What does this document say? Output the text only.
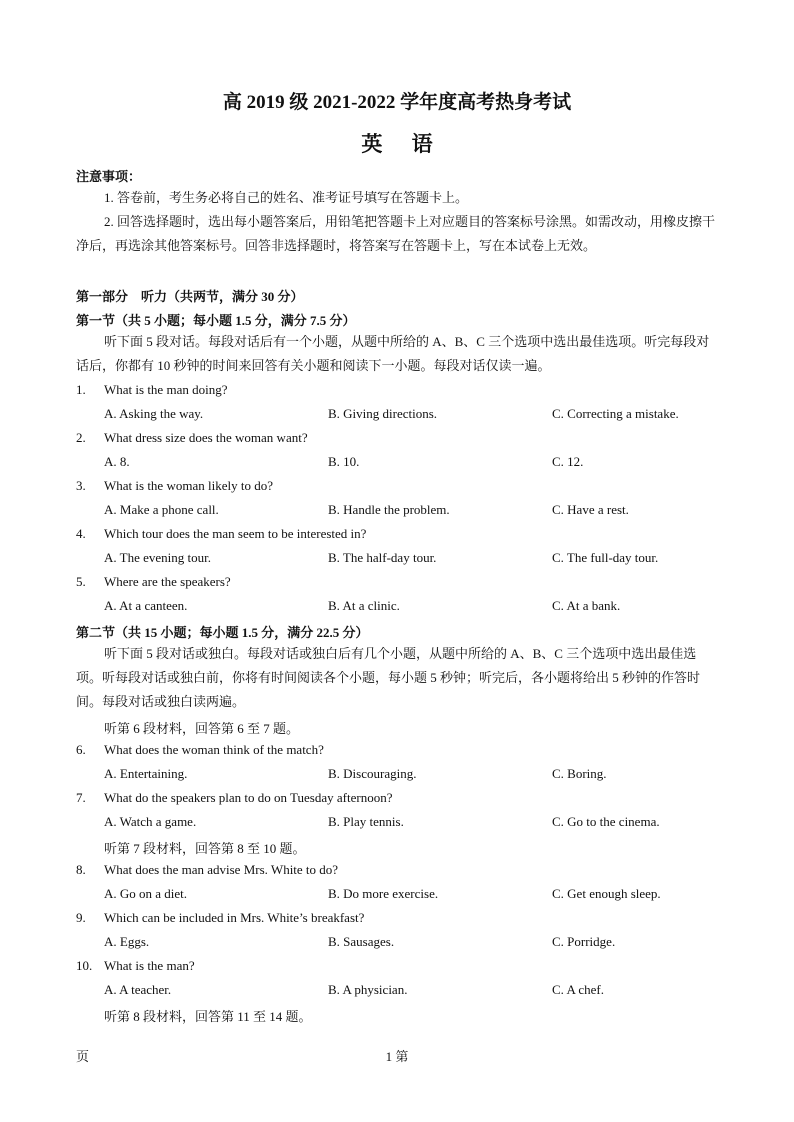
高 2019 级 2021-2022 学年度高考热身考试
英 语
注意事项：
1. 答卷前，考生务必将自己的姓名、准考证号填写在答题卡上。
2. 回答选择题时，选出每小题答案后，用铅笔把答题卡上对应题目的答案标号涂黑。如需改动，用橡皮擦干净后，再选涂其他答案标号。回答非选择题时，将答案写在答题卡上，写在本试卷上无效。
第一部分　听力（共两节，满分 30 分）
第一节（共 5 小题；每小题 1.5 分，满分 7.5 分）
听下面 5 段对话。每段对话后有一个小题，从题中所给的 A、B、C 三个选项中选出最佳选项。听完每段对话后，你都有 10 秒钟的时间来回答有关小题和阅读下一小题。每段对话仅读一遍。
1. What is the man doing?
A. Asking the way.	B. Giving directions.	C. Correcting a mistake.
2. What dress size does the woman want?
A. 8.	B. 10.	C. 12.
3. What is the woman likely to do?
A. Make a phone call.	B. Handle the problem.	C. Have a rest.
4. Which tour does the man seem to be interested in?
A. The evening tour.	B. The half-day tour.	C. The full-day tour.
5. Where are the speakers?
A. At a canteen.	B. At a clinic.	C. At a bank.
第二节（共 15 小题；每小题 1.5 分，满分 22.5 分）
听下面 5 段对话或独白。每段对话或独白后有几个小题，从题中所给的 A、B、C 三个选项中选出最佳选项。听每段对话或独白前，你将有时间阅读各个小题，每小题 5 秒钟；听完后，各小题将给出 5 秒钟的作答时间。每段对话或独白读两遍。
听第 6 段材料，回答第 6 至 7 题。
6. What does the woman think of the match?
A. Entertaining.	B. Discouraging.	C. Boring.
7. What do the speakers plan to do on Tuesday afternoon?
A. Watch a game.	B. Play tennis.	C. Go to the cinema.
听第 7 段材料，回答第 8 至 10 题。
8. What does the man advise Mrs. White to do?
A. Go on a diet.	B. Do more exercise.	C. Get enough sleep.
9. Which can be included in Mrs. White’s breakfast?
A. Eggs.	B. Sausages.	C. Porridge.
10. What is the man?
A. A teacher.	B. A physician.	C. A chef.
听第 8 段材料，回答第 11 至 14 题。
页	1 第
